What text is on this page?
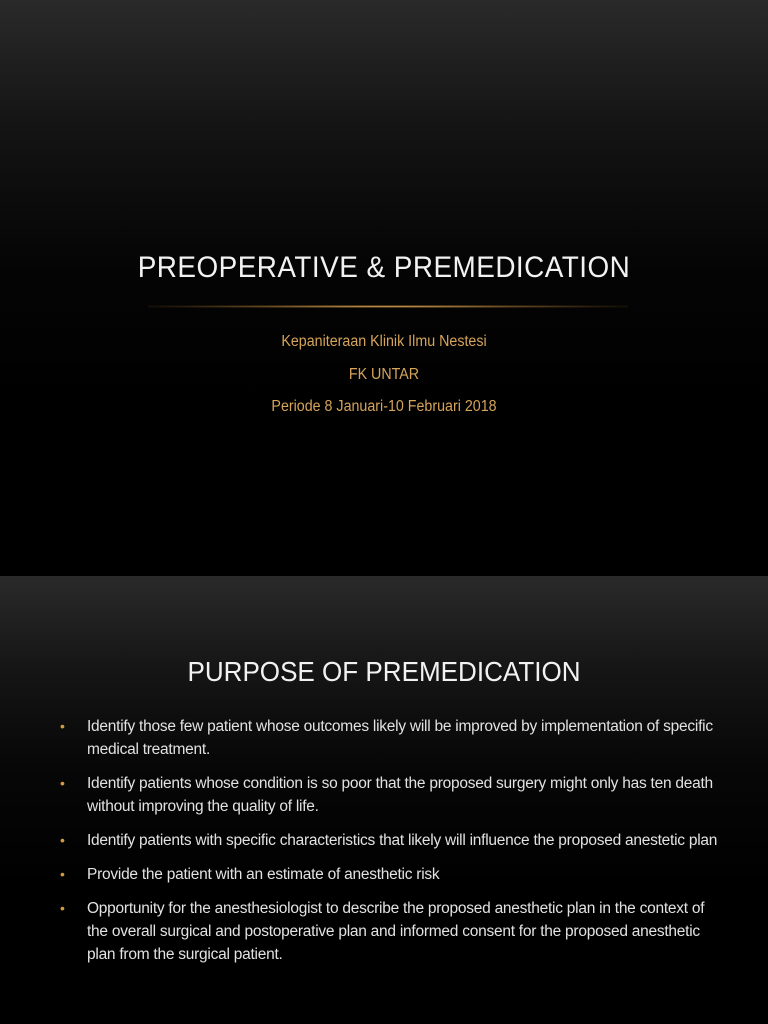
PREOPERATIVE & PREMEDICATION
Kepaniteraan Klinik Ilmu Nestesi
FK UNTAR
Periode 8 Januari-10 Februari 2018
PURPOSE OF PREMEDICATION
• Identify those few patient whose outcomes likely will be improved by implementation of specific medical treatment.
• Identify patients whose condition is so poor that the proposed surgery might only has ten death without improving the quality of life.
• Identify patients with specific characteristics that likely will influence the proposed anestetic plan
• Provide the patient with an estimate of anesthetic risk
• Opportunity for the anesthesiologist to describe the proposed anesthetic plan in the context of the overall surgical and postoperative plan and informed consent for the proposed anesthetic plan from the surgical patient.
